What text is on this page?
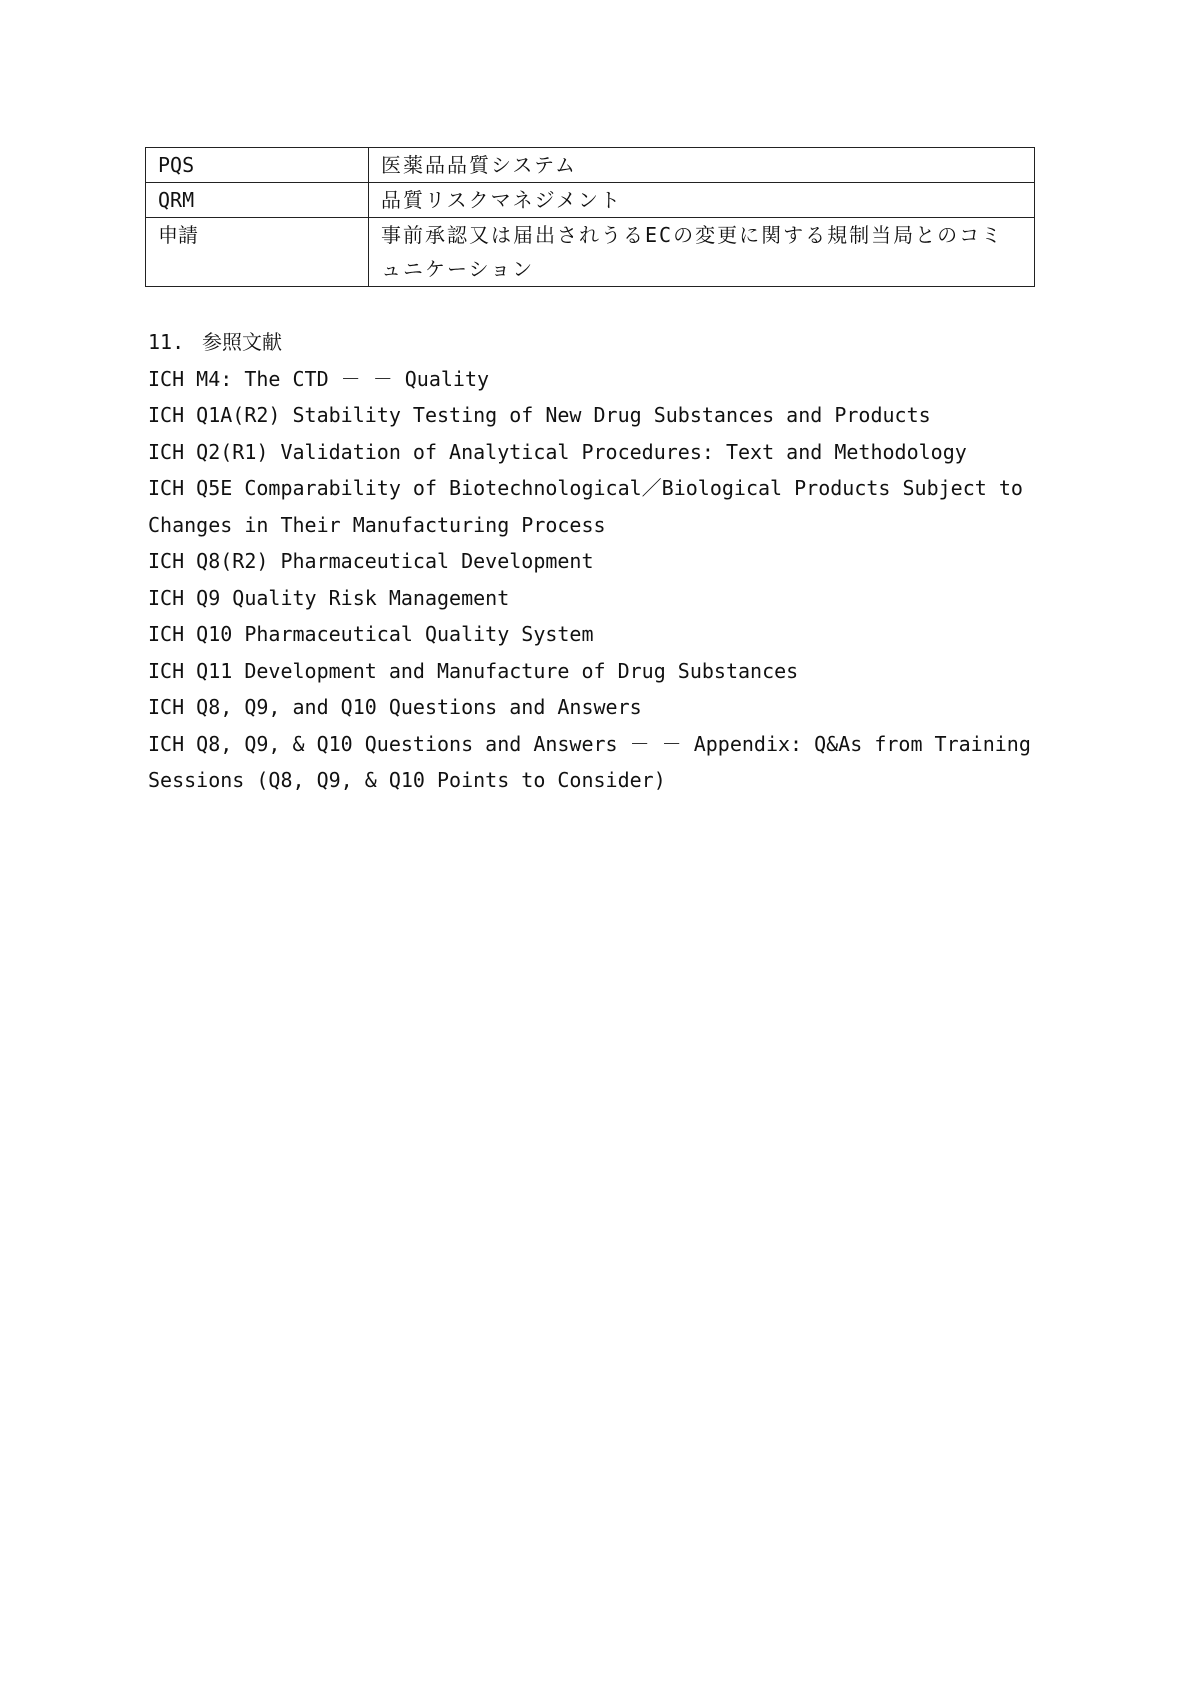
PQS	医薬品品質システム
QRM	品質リスクマネジメント
申請	事前承認又は届出されうるECの変更に関する規制当局とのコミュニケーション
11. 参照文献
ICH M4: The CTD － － Quality
ICH Q1A(R2) Stability Testing of New Drug Substances and Products
ICH Q2(R1) Validation of Analytical Procedures: Text and Methodology
ICH Q5E Comparability of Biotechnological／Biological Products Subject to Changes in Their Manufacturing Process
ICH Q8(R2) Pharmaceutical Development
ICH Q9 Quality Risk Management
ICH Q10 Pharmaceutical Quality System
ICH Q11 Development and Manufacture of Drug Substances
ICH Q8, Q9, and Q10 Questions and Answers
ICH Q8, Q9, & Q10 Questions and Answers － － Appendix: Q&As from Training Sessions (Q8, Q9, & Q10 Points to Consider)
